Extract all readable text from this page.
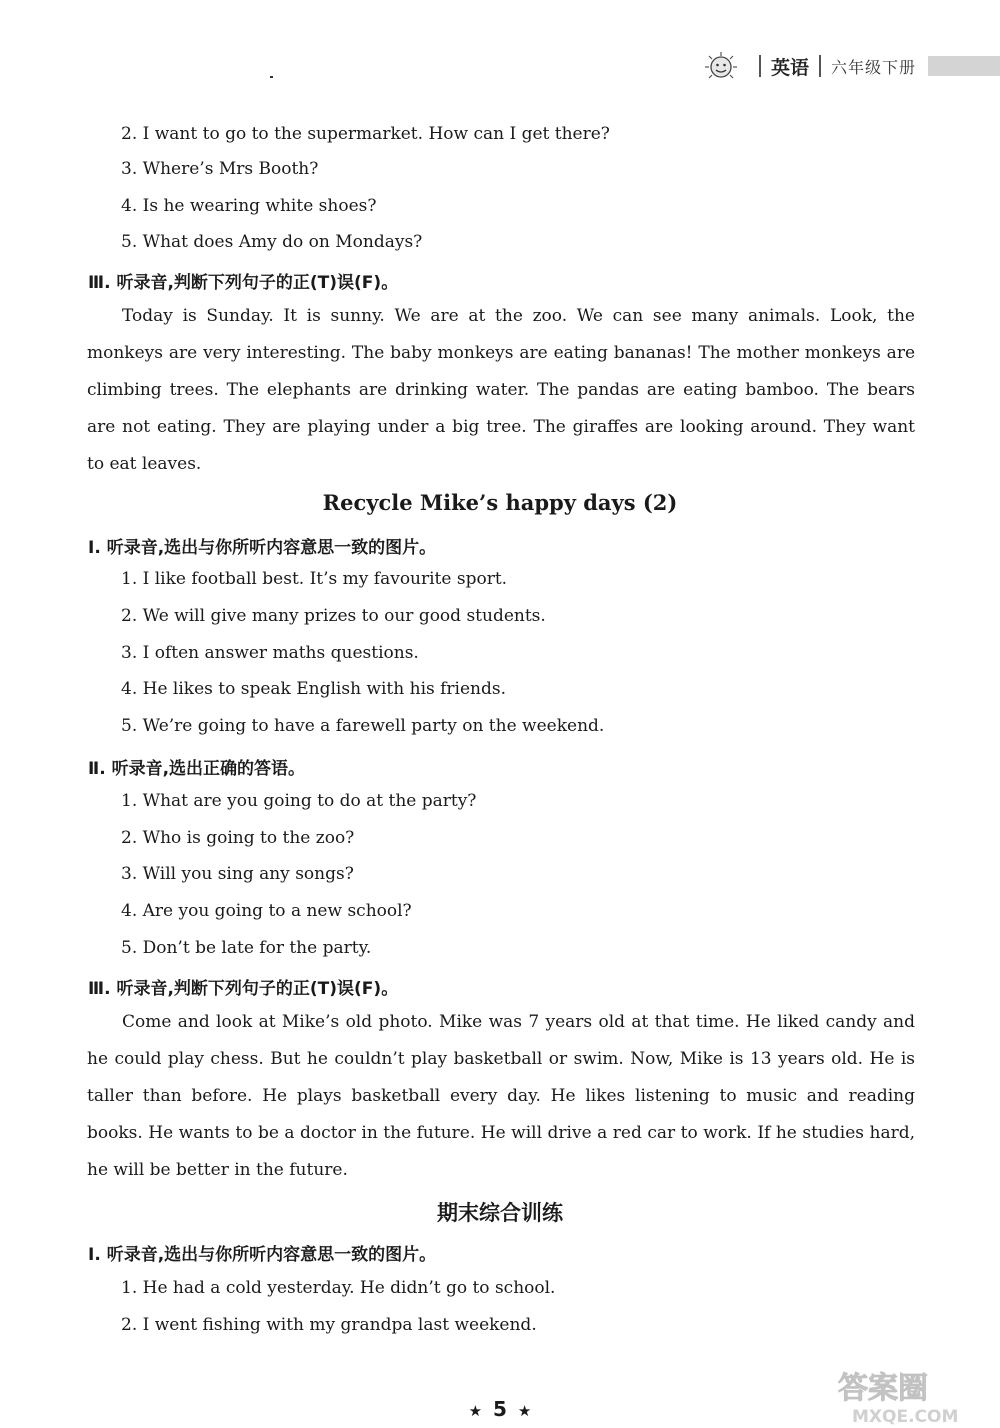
英语 六年级下册
2. I want to go to the supermarket. How can I get there?
3. Where’s Mrs Booth?
4. Is he wearing white shoes?
5. What does Amy do on Mondays?
Ⅲ. 听录音,判断下列句子的正(T)误(F)。
Today is Sunday. It is sunny. We are at the zoo. We can see many animals. Look, the monkeys are very interesting. The baby monkeys are eating bananas! The mother monkeys are climbing trees. The elephants are drinking water. The pandas are eating bamboo. The bears are not eating. They are playing under a big tree. The giraffes are looking around. They want to eat leaves.
Recycle Mike’s happy days (2)
Ⅰ. 听录音,选出与你所听内容意思一致的图片。
1. I like football best. It’s my favourite sport.
2. We will give many prizes to our good students.
3. I often answer maths questions.
4. He likes to speak English with his friends.
5. We’re going to have a farewell party on the weekend.
Ⅱ. 听录音,选出正确的答语。
1. What are you going to do at the party?
2. Who is going to the zoo?
3. Will you sing any songs?
4. Are you going to a new school?
5. Don’t be late for the party.
Ⅲ. 听录音,判断下列句子的正(T)误(F)。
Come and look at Mike’s old photo. Mike was 7 years old at that time. He liked candy and he could play chess. But he couldn’t play basketball or swim. Now, Mike is 13 years old. He is taller than before. He plays basketball every day. He likes listening to music and reading books. He wants to be a doctor in the future. He will drive a red car to work. If he studies hard, he will be better in the future.
期末综合训练
Ⅰ. 听录音,选出与你所听内容意思一致的图片。
1. He had a cold yesterday. He didn’t go to school.
2. I went fishing with my grandpa last weekend.
★ 5 ★
答案圈
MXQE.COM
